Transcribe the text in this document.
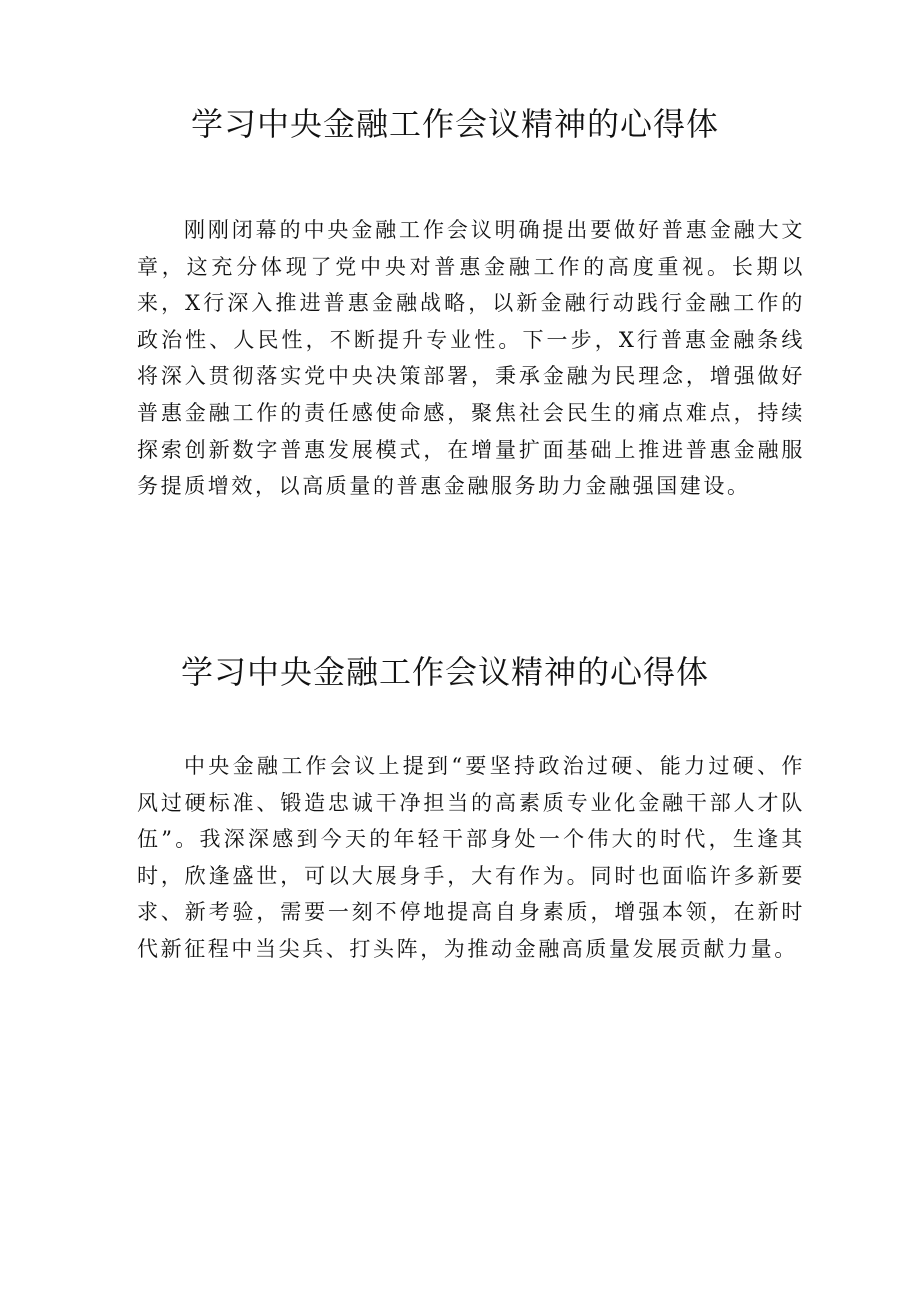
学习中央金融工作会议精神的心得体

刚刚闭幕的中央金融工作会议明确提出要做好普惠金融大文章，这充分体现了党中央对普惠金融工作的高度重视。长期以来，X行深入推进普惠金融战略，以新金融行动践行金融工作的政治性、人民性，不断提升专业性。下一步，X行普惠金融条线将深入贯彻落实党中央决策部署，秉承金融为民理念，增强做好普惠金融工作的责任感使命感，聚焦社会民生的痛点难点，持续探索创新数字普惠发展模式，在增量扩面基础上推进普惠金融服务提质增效，以高质量的普惠金融服务助力金融强国建设。

学习中央金融工作会议精神的心得体

中央金融工作会议上提到“要坚持政治过硬、能力过硬、作风过硬标准、锻造忠诚干净担当的高素质专业化金融干部人才队伍”。我深深感到今天的年轻干部身处一个伟大的时代，生逢其时，欣逢盛世，可以大展身手，大有作为。同时也面临许多新要求、新考验，需要一刻不停地提高自身素质，增强本领，在新时代新征程中当尖兵、打头阵，为推动金融高质量发展贡献力量。
